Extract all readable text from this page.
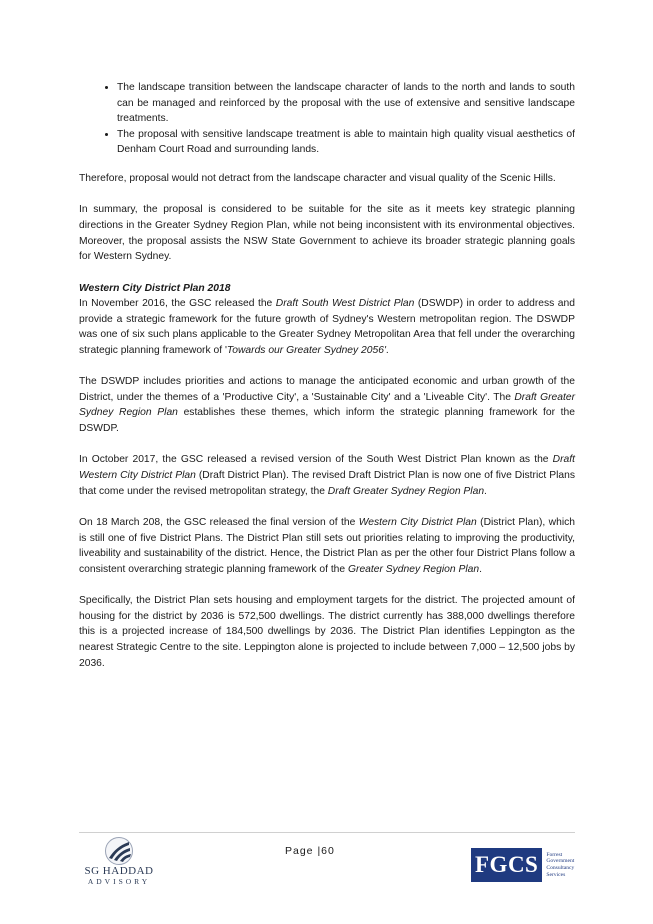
• The landscape transition between the landscape character of lands to the north and lands to south can be managed and reinforced by the proposal with the use of extensive and sensitive landscape treatments.
• The proposal with sensitive landscape treatment is able to maintain high quality visual aesthetics of Denham Court Road and surrounding lands.

Therefore, proposal would not detract from the landscape character and visual quality of the Scenic Hills.

In summary, the proposal is considered to be suitable for the site as it meets key strategic planning directions in the Greater Sydney Region Plan, while not being inconsistent with its environmental objectives. Moreover, the proposal assists the NSW State Government to achieve its broader strategic planning goals for Western Sydney.

Western City District Plan 2018

In November 2016, the GSC released the Draft South West District Plan (DSWDP) in order to address and provide a strategic framework for the future growth of Sydney's Western metropolitan region. The DSWDP was one of six such plans applicable to the Greater Sydney Metropolitan Area that fell under the overarching strategic planning framework of 'Towards our Greater Sydney 2056'.

The DSWDP includes priorities and actions to manage the anticipated economic and urban growth of the District, under the themes of a 'Productive City', a 'Sustainable City' and a 'Liveable City'. The Draft Greater Sydney Region Plan establishes these themes, which inform the strategic planning framework for the DSWDP.

In October 2017, the GSC released a revised version of the South West District Plan known as the Draft Western City District Plan (Draft District Plan). The revised Draft District Plan is now one of five District Plans that come under the revised metropolitan strategy, the Draft Greater Sydney Region Plan.

On 18 March 208, the GSC released the final version of the Western City District Plan (District Plan), which is still one of five District Plans. The District Plan still sets out priorities relating to improving the productivity, liveability and sustainability of the district. Hence, the District Plan as per the other four District Plans follow a consistent overarching strategic planning framework of the Greater Sydney Region Plan.

Specifically, the District Plan sets housing and employment targets for the district. The projected amount of housing for the district by 2036 is 572,500 dwellings. The district currently has 388,000 dwellings therefore this is a projected increase of 184,500 dwellings by 2036. The District Plan identifies Leppington as the nearest Strategic Centre to the site. Leppington alone is projected to include between 7,000 – 12,500 jobs by 2036.

SG HADDAD
ADVISORY
Page |60
FGCS	Forrest
Government
Consultancy
Services
